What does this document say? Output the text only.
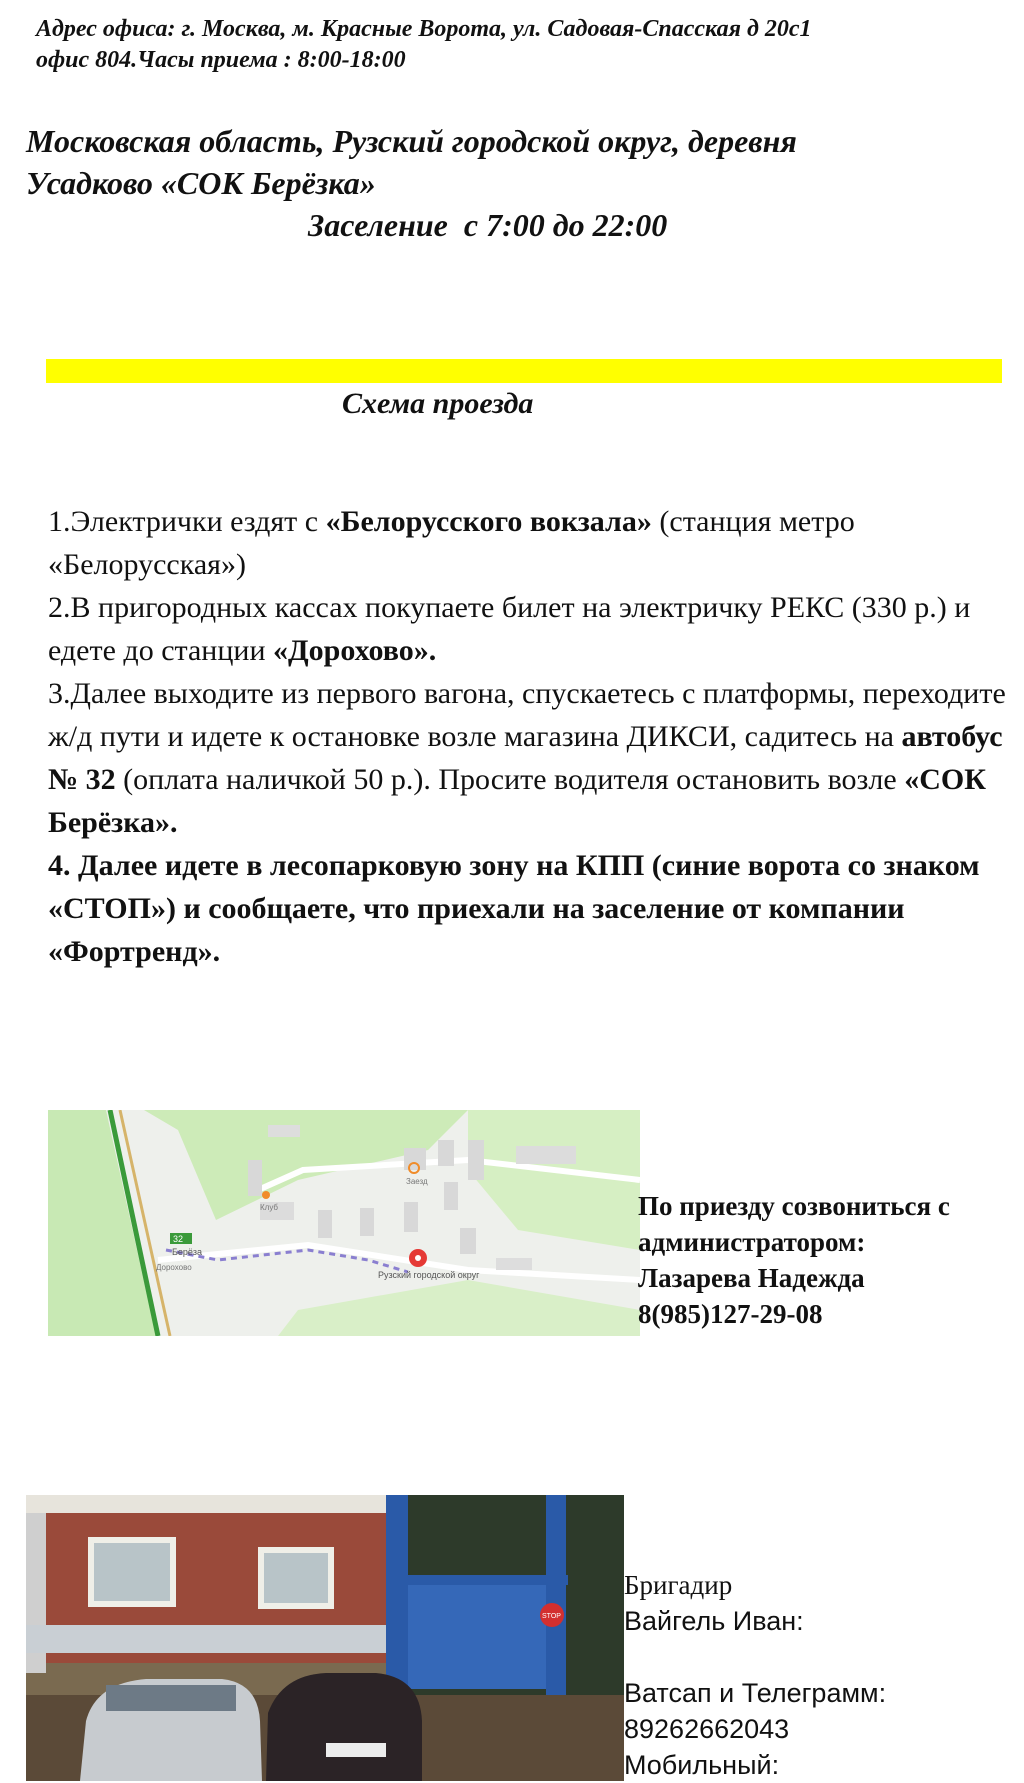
Адрес офиса: г. Москва, м. Красные Ворота, ул. Садовая-Спасская д 20с1
офис 804.Часы приема : 8:00-18:00
Московская область, Рузский городской округ, деревня
Усадково «СОК Берёзка»
Заселение  с 7:00 до 22:00
Схема проезда

1.Электрички ездят с «Белорусского вокзала» (станция метро «Белорусская»)

2.В пригородных кассах покупаете билет на электричку РЕКС (330 р.) и едете до станции «Дорохово».

3.Далее выходите из первого вагона, спускаетесь с платформы, переходите ж/д пути и идете к остановке возле магазина ДИКСИ, садитесь на автобус № 32 (оплата наличкой 50 р.). Просите водителя остановить возле «СОК Берёзка».

4. Далее идете в лесопарковую зону на КПП (синие ворота со знаком «СТОП») и сообщаете, что приехали на заселение от компании «Фортренд».

32
Берёза
Дорохово
Клуб
Заезд
Рузский городской округ
По приезду созвониться с
администратором:
Лазарева Надежда
8(985)127-29-08
STOP
Бригадир
Вайгель Иван:
Ватсап и Телеграмм:
89262662043
Мобильный:
